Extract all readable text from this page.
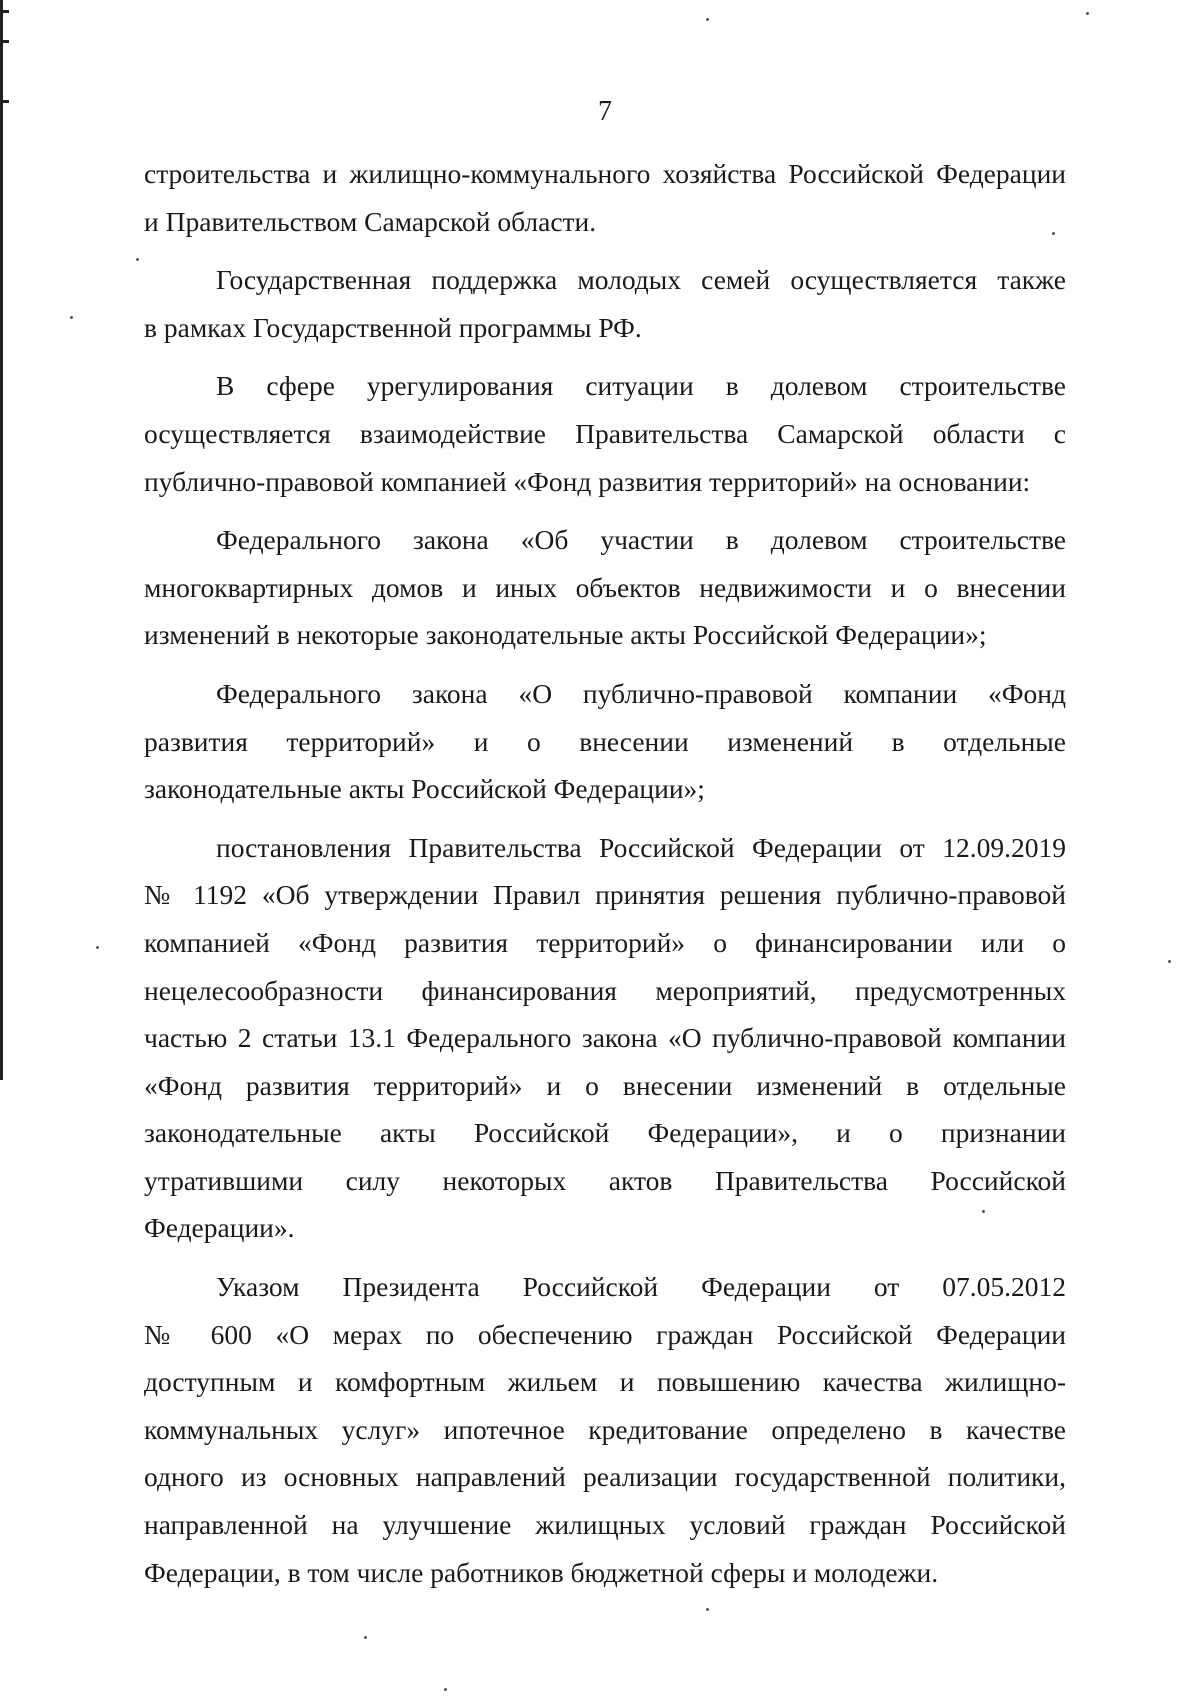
7

строительства и жилищно-коммунального хозяйства Российской Федерации
и Правительством Самарской области.

Государственная поддержка молодых семей осуществляется также
в рамках Государственной программы РФ.

В сфере урегулирования ситуации в долевом строительстве
осуществляется взаимодействие Правительства Самарской области с
публично-правовой компанией «Фонд развития территорий» на основании:

Федерального закона «Об участии в долевом строительстве
многоквартирных домов и иных объектов недвижимости и о внесении
изменений в некоторые законодательные акты Российской Федерации»;

Федерального закона «О публично-правовой компании «Фонд
развития территорий» и о внесении изменений в отдельные
законодательные акты Российской Федерации»;

постановления Правительства Российской Федерации от 12.09.2019
№ 1192 «Об утверждении Правил принятия решения публично-правовой
компанией «Фонд развития территорий» о финансировании или о
нецелесообразности финансирования мероприятий, предусмотренных
частью 2 статьи 13.1 Федерального закона «О публично-правовой компании
«Фонд развития территорий» и о внесении изменений в отдельные
законодательные акты Российской Федерации», и о признании
утратившими силу некоторых актов Правительства Российской
Федерации».

Указом Президента Российской Федерации от 07.05.2012
№ 600 «О мерах по обеспечению граждан Российской Федерации
доступным и комфортным жильем и повышению качества жилищно-
коммунальных услуг» ипотечное кредитование определено в качестве
одного из основных направлений реализации государственной политики,
направленной на улучшение жилищных условий граждан Российской
Федерации, в том числе работников бюджетной сферы и молодежи.
